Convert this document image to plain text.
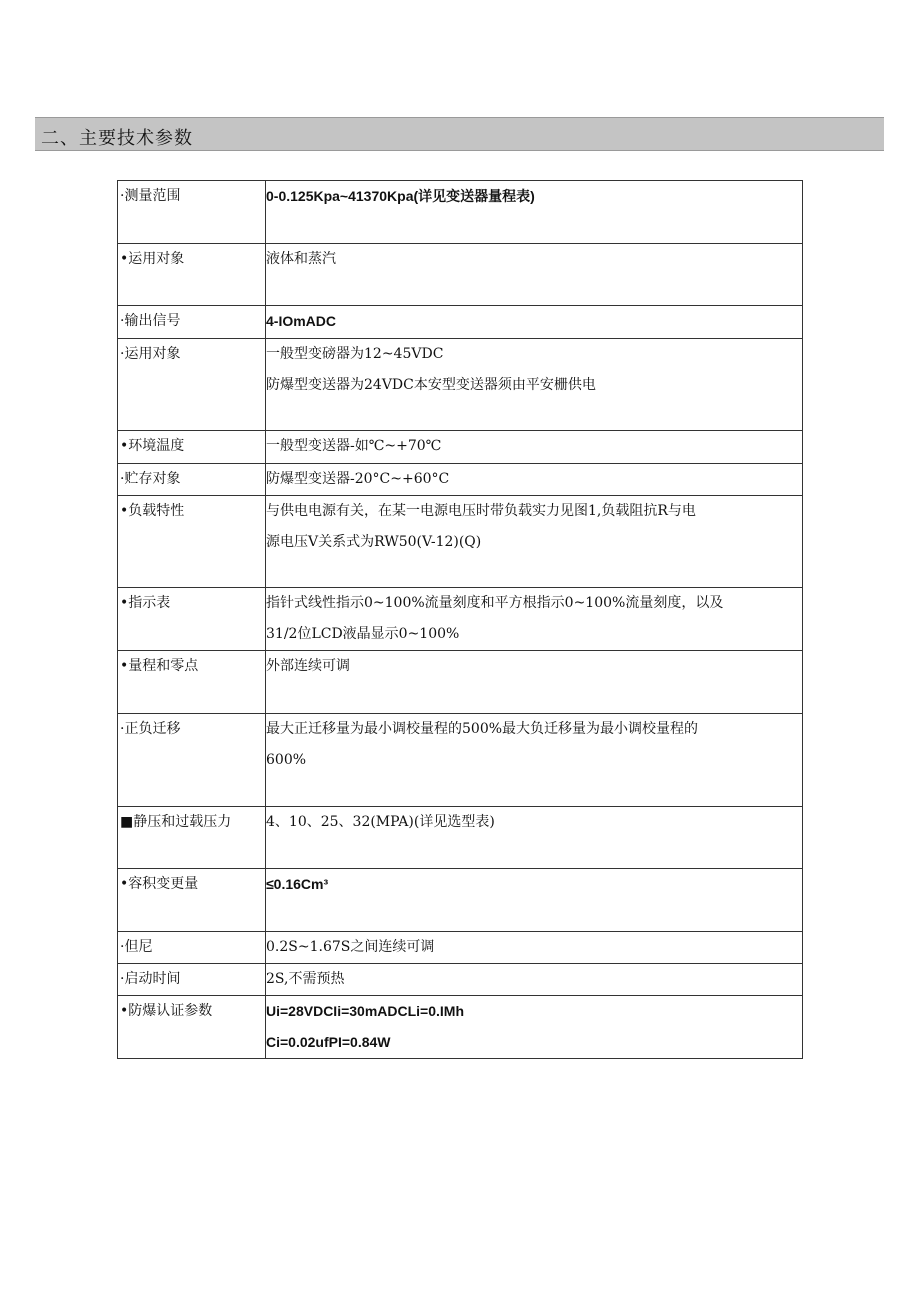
二、主要技术参数
·测量范围	0-0.125Kpa~41370Kpa(详见变送器量程表)

•运用对象	液体和蒸汽

·输出信号	4-IOmADC

·运用对象	一般型变磅器为12~45VDC
防爆型变送器为24VDC本安型变送器须由平安栅供电

•环境温度	一般型变送器-如℃~+70℃

·贮存对象	防爆型变送器-20°C~+60°C

•负载特性	与供电电源有关，在某一电源电压时带负载实力见图1,负载阻抗R与电
源电压V关系式为RW50(V-12)(Q)

•指示表	指针式线性指示0~100%流量刻度和平方根指示0~100%流量刻度，以及
31/2位LCD液晶显示0~100%

•量程和零点	外部连续可调

·正负迁移	最大正迁移量为最小调校量程的500%最大负迁移量为最小调校量程的
600%

■静压和过载压力	4、10、25、32(MPA)(详见选型表)

•容积变更量	≤0.16Cm³

·但尼	0.2S~1.67S之间连续可调

·启动时间	2S,不需预热

•防爆认证参数	Ui=28VDCIi=30mADCLi=0.IMh
Ci=0.02ufPI=0.84W
